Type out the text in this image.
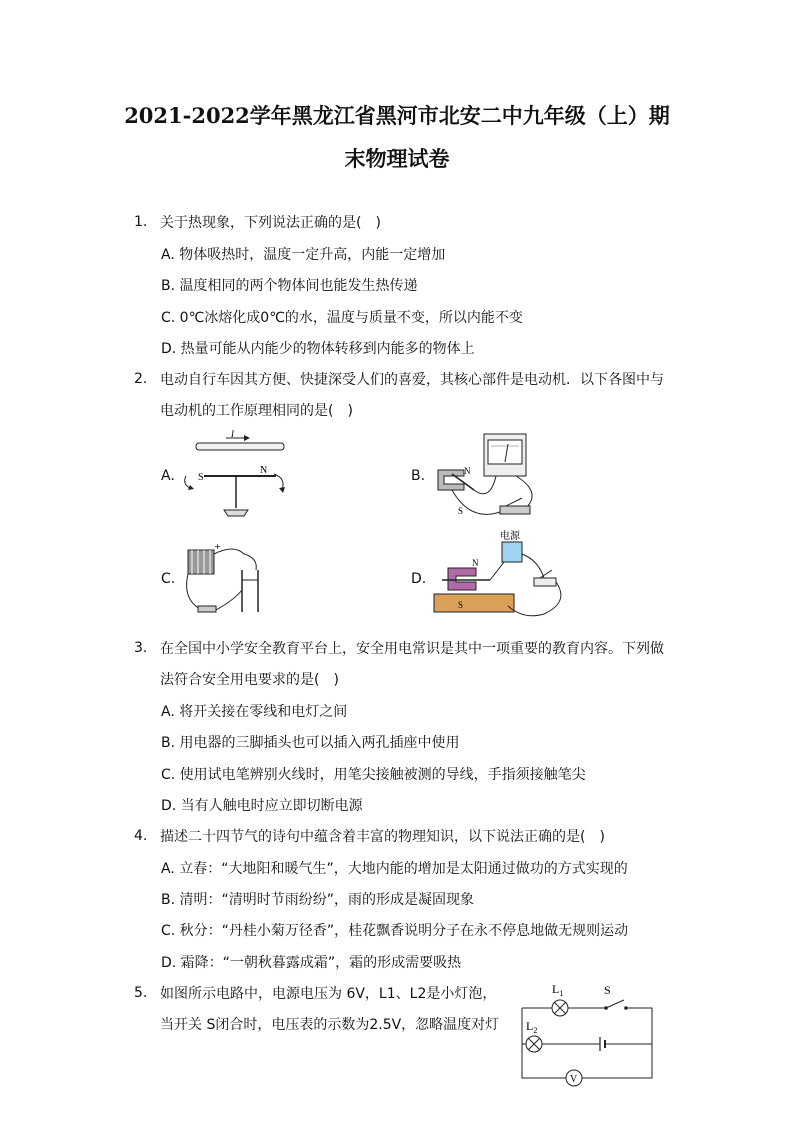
2021-2022学年黑龙江省黑河市北安二中九年级（上）期
末物理试卷
1. 关于热现象，下列说法正确的是(　)
A. 物体吸热时，温度一定升高，内能一定增加
B. 温度相同的两个物体间也能发生热传递
C. 0℃冰熔化成0℃的水，温度与质量不变，所以内能不变
D. 热量可能从内能少的物体转移到内能多的物体上
2. 电动自行车因其方便、快捷深受人们的喜爱，其核心部件是电动机．以下各图中与
电动机的工作原理相同的是(　)
A.	B.
C.	D.
I
S
N	N
S
+
电源
N
S
3. 在全国中小学安全教育平台上，安全用电常识是其中一项重要的教育内容。下列做
法符合安全用电要求的是(　)
A. 将开关接在零线和电灯之间
B. 用电器的三脚插头也可以插入两孔插座中使用
C. 使用试电笔辨别火线时，用笔尖接触被测的导线，手指须接触笔尖
D. 当有人触电时应立即切断电源
4. 描述二十四节气的诗句中蕴含着丰富的物理知识，以下说法正确的是(　)
A. 立春：“大地阳和暖气生”，大地内能的增加是太阳通过做功的方式实现的
B. 清明：“清明时节雨纷纷”，雨的形成是凝固现象
C. 秋分：“丹桂小菊万径香”，桂花飘香说明分子在永不停息地做无规则运动
D. 霜降：“一朝秋暮露成霜”，霜的形成需要吸热
5. 如图所示电路中，电源电压为 6V，L1、L2是小灯泡，
当开关 S闭合时，电压表的示数为2.5V，忽略温度对灯
S
$L_1$
$L_2$
V
